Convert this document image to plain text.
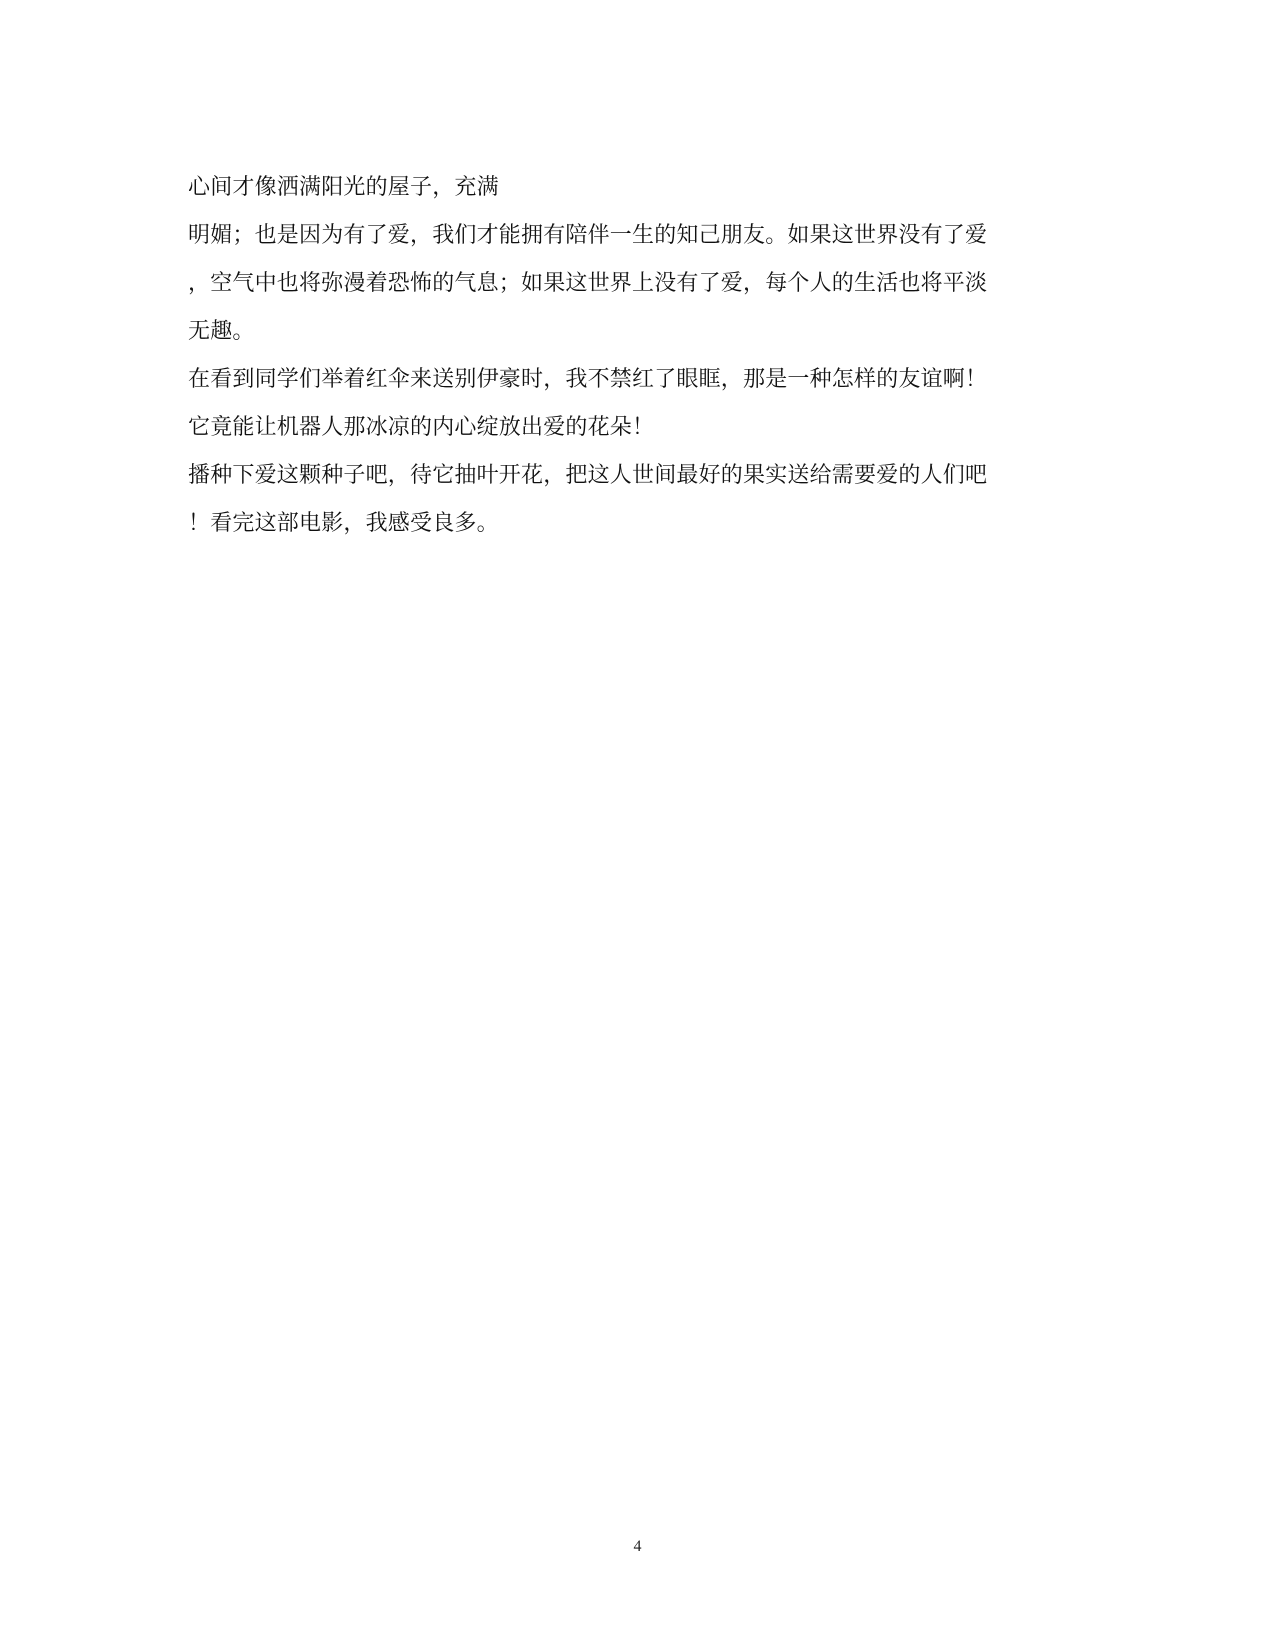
心间才像洒满阳光的屋子，充满
明媚；也是因为有了爱，我们才能拥有陪伴一生的知己朋友。如果这世界没有了爱
，空气中也将弥漫着恐怖的气息；如果这世界上没有了爱，每个人的生活也将平淡
无趣。
在看到同学们举着红伞来送别伊豪时，我不禁红了眼眶，那是一种怎样的友谊啊！
它竟能让机器人那冰凉的内心绽放出爱的花朵！
播种下爱这颗种子吧，待它抽叶开花，把这人世间最好的果实送给需要爱的人们吧
！看完这部电影，我感受良多。
4
